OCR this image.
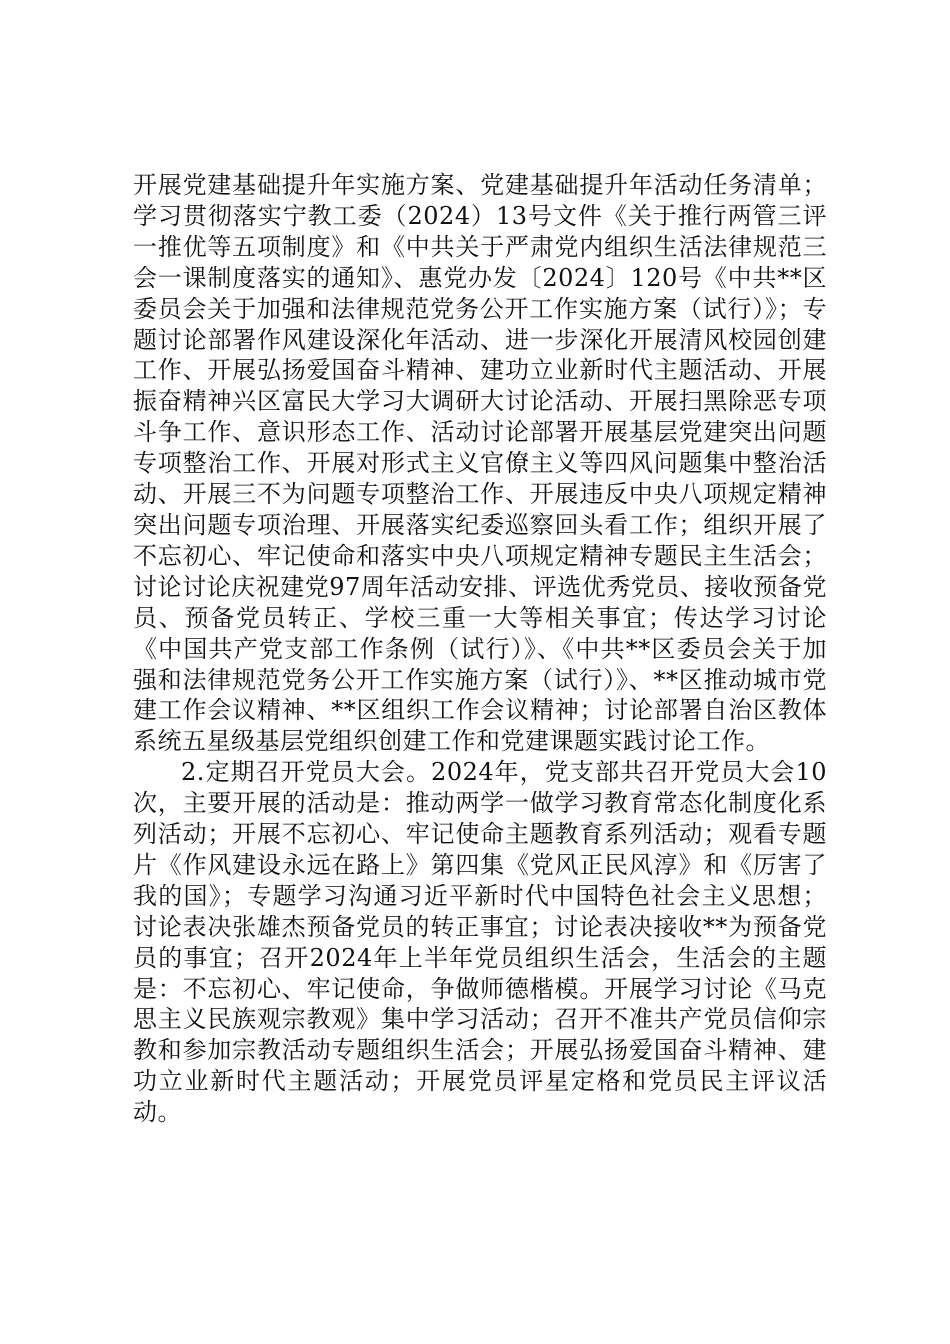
开展党建基础提升年实施方案、党建基础提升年活动任务清单；学习贯彻落实宁教工委（2024）13号文件《关于推行两管三评一推优等五项制度》和《中共关于严肃党内组织生活法律规范三会一课制度落实的通知》、惠党办发〔2024〕120号《中共**区委员会关于加强和法律规范党务公开工作实施方案（试行）》；专题讨论部署作风建设深化年活动、进一步深化开展清风校园创建工作、开展弘扬爱国奋斗精神、建功立业新时代主题活动、开展振奋精神兴区富民大学习大调研大讨论活动、开展扫黑除恶专项斗争工作、意识形态工作、活动讨论部署开展基层党建突出问题专项整治工作、开展对形式主义官僚主义等四风问题集中整治活动、开展三不为问题专项整治工作、开展违反中央八项规定精神突出问题专项治理、开展落实纪委巡察回头看工作；组织开展了不忘初心、牢记使命和落实中央八项规定精神专题民主生活会；讨论讨论庆祝建党97周年活动安排、评选优秀党员、接收预备党员、预备党员转正、学校三重一大等相关事宜；传达学习讨论《中国共产党支部工作条例（试行）》、《中共**区委员会关于加强和法律规范党务公开工作实施方案（试行）》、**区推动城市党建工作会议精神、**区组织工作会议精神；讨论部署自治区教体系统五星级基层党组织创建工作和党建课题实践讨论工作。

2.定期召开党员大会。2024年，党支部共召开党员大会10次，主要开展的活动是：推动两学一做学习教育常态化制度化系列活动；开展不忘初心、牢记使命主题教育系列活动；观看专题片《作风建设永远在路上》第四集《党风正民风淳》和《厉害了我的国》；专题学习沟通习近平新时代中国特色社会主义思想；讨论表决张雄杰预备党员的转正事宜；讨论表决接收**为预备党员的事宜；召开2024年上半年党员组织生活会，生活会的主题是：不忘初心、牢记使命，争做师德楷模。开展学习讨论《马克思主义民族观宗教观》集中学习活动；召开不准共产党员信仰宗教和参加宗教活动专题组织生活会；开展弘扬爱国奋斗精神、建功立业新时代主题活动；开展党员评星定格和党员民主评议活动。
